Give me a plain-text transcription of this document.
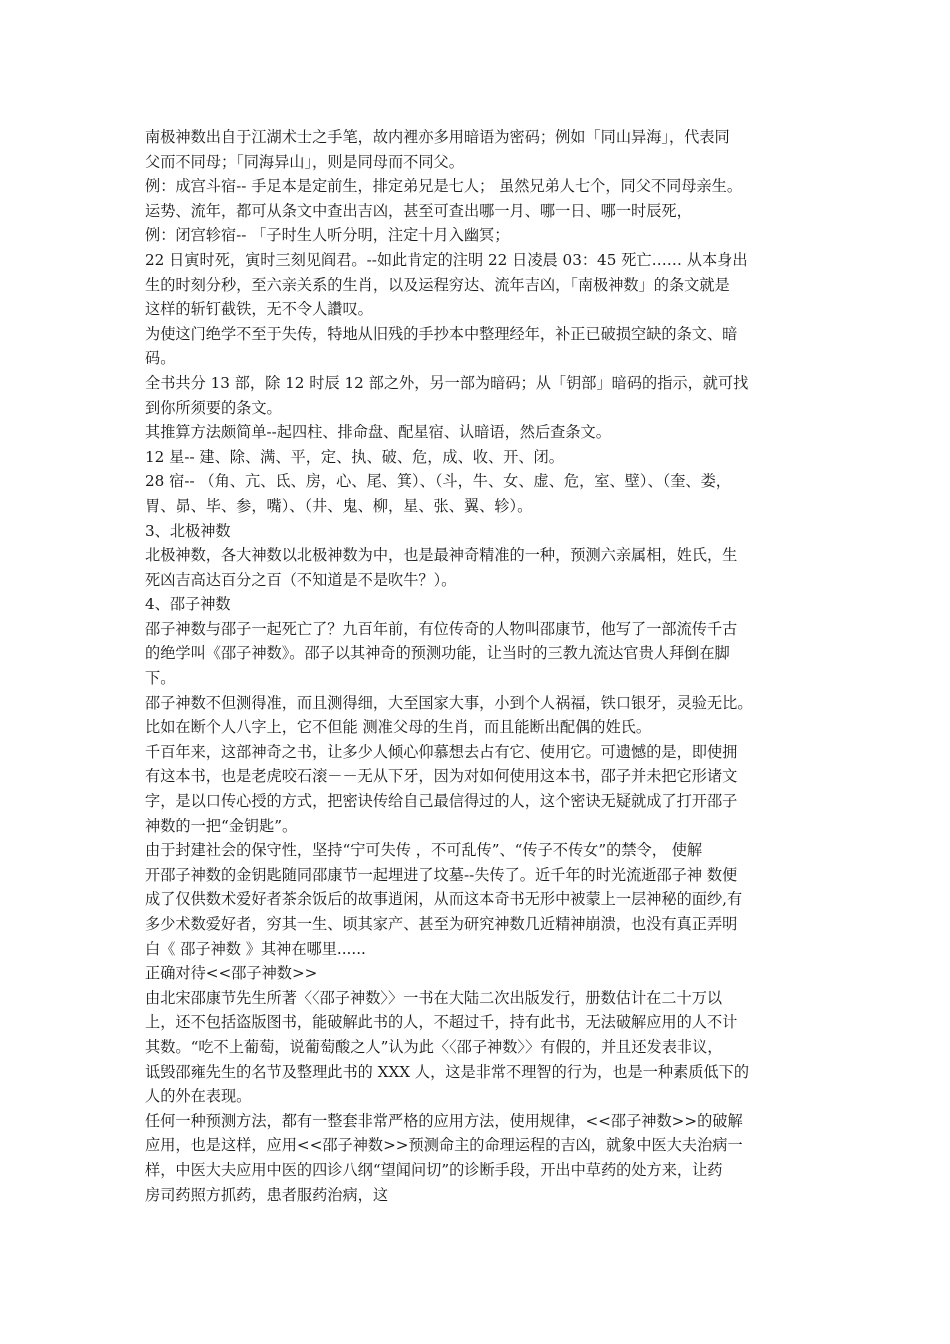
南极神数出自于江湖术士之手笔，故内裡亦多用暗语为密码；例如「同山异海」，代表同
父而不同母；「同海异山」，则是同母而不同父。
例：成宫斗宿-- 手足本是定前生，排定弟兄是七人； 虽然兄弟人七个，同父不同母亲生。
运势、流年，都可从条文中查出吉凶，甚至可查出哪一月、哪一日、哪一时辰死，
例：闭宫轸宿-- 「子时生人听分明，注定十月入幽冥；
22 日寅时死，寅时三刻见阎君。--如此肯定的注明 22 日凌晨 03：45 死亡…… 从本身出
生的时刻分秒，至六亲关系的生肖，以及运程穷达、流年吉凶，「南极神数」的条文就是
这样的斩钉截铁，无不令人讚叹。
为使这门绝学不至于失传，特地从旧残的手抄本中整理经年，补正已破损空缺的条文、暗
码。
全书共分 13 部，除 12 时辰 12 部之外，另一部为暗码；从「钥部」暗码的指示，就可找
到你所须要的条文。
其推算方法颇简单--起四柱、排命盘、配星宿、认暗语，然后查条文。
12 星-- 建、除、满、平，定、执、破、危，成、收、开、闭。
28 宿-- （角、亢、氐、房，心、尾、箕）、（斗，牛、女、虚、危，室、壁）、（奎、娄，
胃、昴、毕、参，嘴）、（井、鬼、柳，星、张、翼、轸）。
3、北极神数
北极神数，各大神数以北极神数为中，也是最神奇精准的一种，预测六亲属相，姓氏，生
死凶吉高达百分之百（不知道是不是吹牛？）。
4、邵子神数
邵子神数与邵子一起死亡了？九百年前，有位传奇的人物叫邵康节，他写了一部流传千古
的绝学叫《邵子神数》。邵子以其神奇的预测功能，让当时的三教九流达官贵人拜倒在脚
下。
邵子神数不但测得准，而且测得细，大至国家大事，小到个人祸福，铁口银牙，灵验无比。
比如在断个人八字上，它不但能 测准父母的生肖，而且能断出配偶的姓氏。
千百年来，这部神奇之书，让多少人倾心仰慕想去占有它、使用它。可遗憾的是，即使拥
有这本书，也是老虎咬石滚－－无从下牙，因为对如何使用这本书，邵子并未把它形诸文
字，是以口传心授的方式，把密诀传给自己最信得过的人，这个密诀无疑就成了打开邵子
神数的一把“金钥匙”。
由于封建社会的保守性，坚持“宁可失传 ，不可乱传”、“传子不传女”的禁令， 使解
开邵子神数的金钥匙随同邵康节一起埋进了坟墓--失传了。近千年的时光流逝邵子神 数便
成了仅供数术爱好者茶余饭后的故事逍闲，从而这本奇书无形中被蒙上一层神秘的面纱,有
多少术数爱好者，穷其一生、顷其家产、甚至为研究神数几近精神崩溃，也没有真正弄明
白《 邵子神数 》其神在哪里......
正确对待<<邵子神数>>
由北宋邵康节先生所著〈〈邵子神数〉〉一书在大陆二次出版发行，册数估计在二十万以
上，还不包括盗版图书，能破解此书的人，不超过千，持有此书，无法破解应用的人不计
其数。“吃不上葡萄，说葡萄酸之人”认为此〈〈邵子神数〉〉有假的，并且还发表非议，
诋毁邵雍先生的名节及整理此书的 XXX 人，这是非常不理智的行为，也是一种素质低下的
人的外在表现。
任何一种预测方法，都有一整套非常严格的应用方法，使用规律，<<邵子神数>>的破解
应用，也是这样，应用<<邵子神数>>预测命主的命理运程的吉凶，就象中医大夫治病一
样，中医大夫应用中医的四诊八纲“望闻问切”的诊断手段，开出中草药的处方来，让药
房司药照方抓药，患者服药治病，这
